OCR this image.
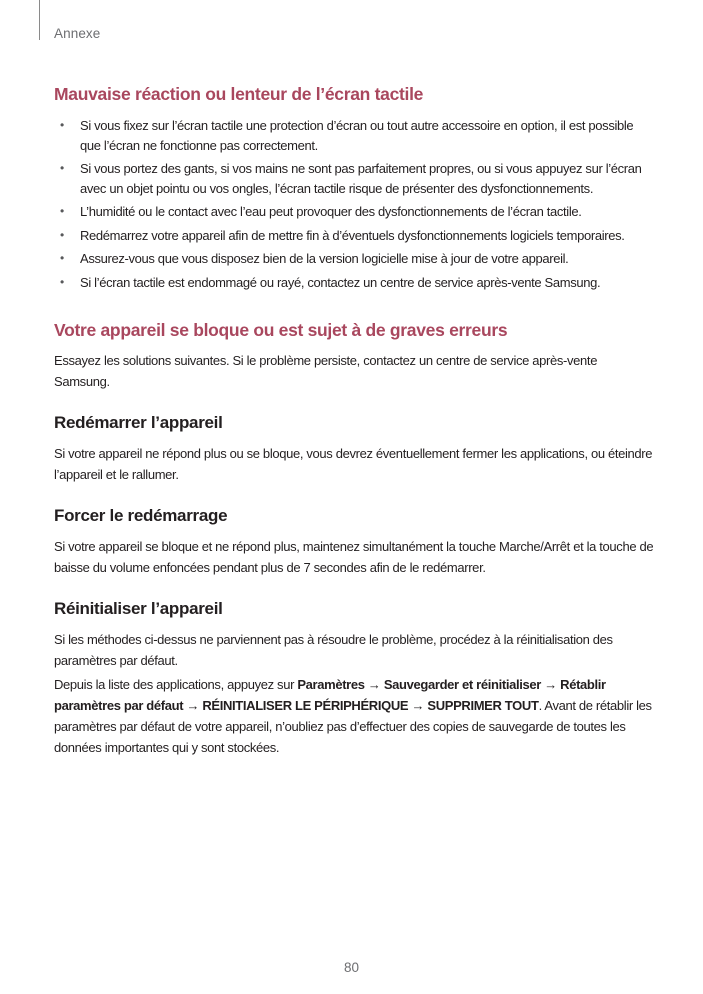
Annexe
Mauvaise réaction ou lenteur de l’écran tactile
• Si vous fixez sur l’écran tactile une protection d’écran ou tout autre accessoire en option, il est possible que l’écran ne fonctionne pas correctement.
• Si vous portez des gants, si vos mains ne sont pas parfaitement propres, ou si vous appuyez sur l’écran avec un objet pointu ou vos ongles, l’écran tactile risque de présenter des dysfonctionnements.
• L’humidité ou le contact avec l’eau peut provoquer des dysfonctionnements de l’écran tactile.
• Redémarrez votre appareil afin de mettre fin à d’éventuels dysfonctionnements logiciels temporaires.
• Assurez-vous que vous disposez bien de la version logicielle mise à jour de votre appareil.
• Si l’écran tactile est endommagé ou rayé, contactez un centre de service après-vente Samsung.
Votre appareil se bloque ou est sujet à de graves erreurs

Essayez les solutions suivantes. Si le problème persiste, contactez un centre de service après-vente Samsung.

Redémarrer l’appareil

Si votre appareil ne répond plus ou se bloque, vous devrez éventuellement fermer les applications, ou éteindre l’appareil et le rallumer.

Forcer le redémarrage

Si votre appareil se bloque et ne répond plus, maintenez simultanément la touche Marche/Arrêt et la touche de baisse du volume enfoncées pendant plus de 7 secondes afin de le redémarrer.

Réinitialiser l’appareil

Si les méthodes ci-dessus ne parviennent pas à résoudre le problème, procédez à la réinitialisation des paramètres par défaut.

Depuis la liste des applications, appuyez sur Paramètres → Sauvegarder et réinitialiser → Rétablir paramètres par défaut → RÉINITIALISER LE PÉRIPHÉRIQUE → SUPPRIMER TOUT. Avant de rétablir les paramètres par défaut de votre appareil, n’oubliez pas d’effectuer des copies de sauvegarde de toutes les données importantes qui y sont stockées.

80
